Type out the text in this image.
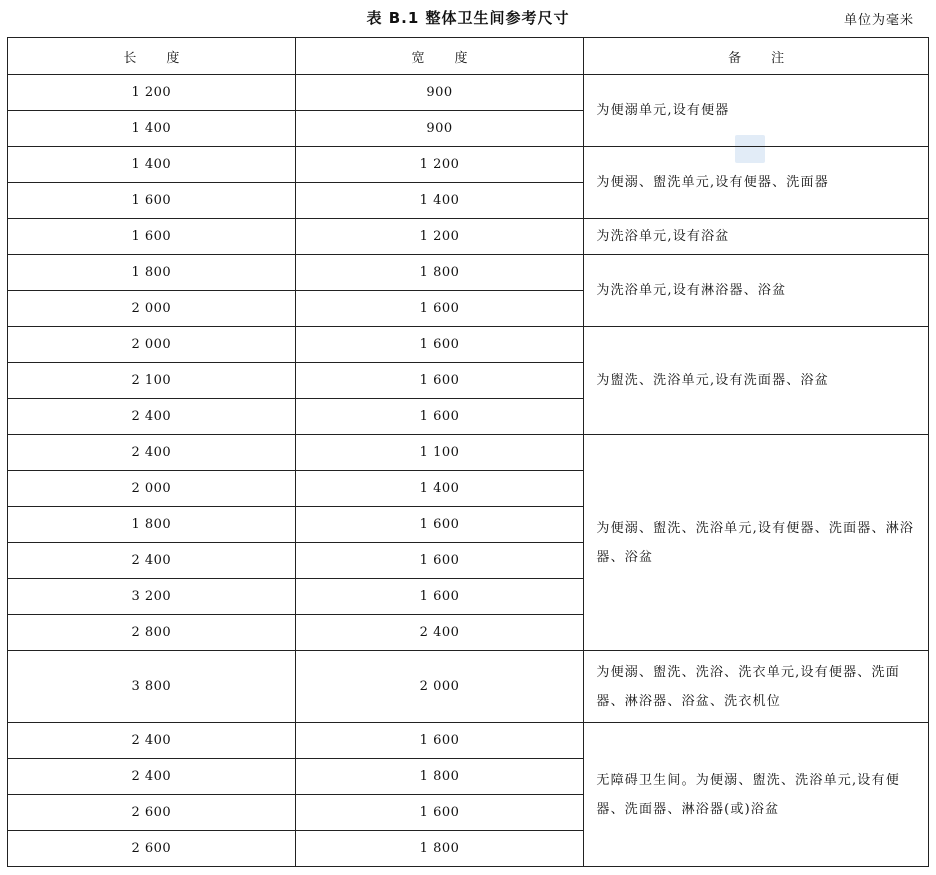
表 B.1 整体卫生间参考尺寸	单位为毫米
长度	宽度	备注
1 200	900	为便溺单元,设有便器
1 400	900	
1 400	1 200	为便溺、盥洗单元,设有便器、洗面器
1 600	1 400	
1 600	1 200	为洗浴单元,设有浴盆
1 800	1 800	为洗浴单元,设有淋浴器、浴盆
2 000	1 600	
2 000	1 600	为盥洗、洗浴单元,设有洗面器、浴盆
2 100	1 600	
2 400	1 600	
2 400	1 100	为便溺、盥洗、洗浴单元,设有便器、洗面器、淋浴器、浴盆
2 000	1 400	
1 800	1 600	
2 400	1 600	
3 200	1 600	
2 800	2 400	
3 800	2 000	为便溺、盥洗、洗浴、洗衣单元,设有便器、洗面器、淋浴器、浴盆、洗衣机位
2 400	1 600	无障碍卫生间。为便溺、盥洗、洗浴单元,设有便器、洗面器、淋浴器(或)浴盆
2 400	1 800	
2 600	1 600	
2 600	1 800	
